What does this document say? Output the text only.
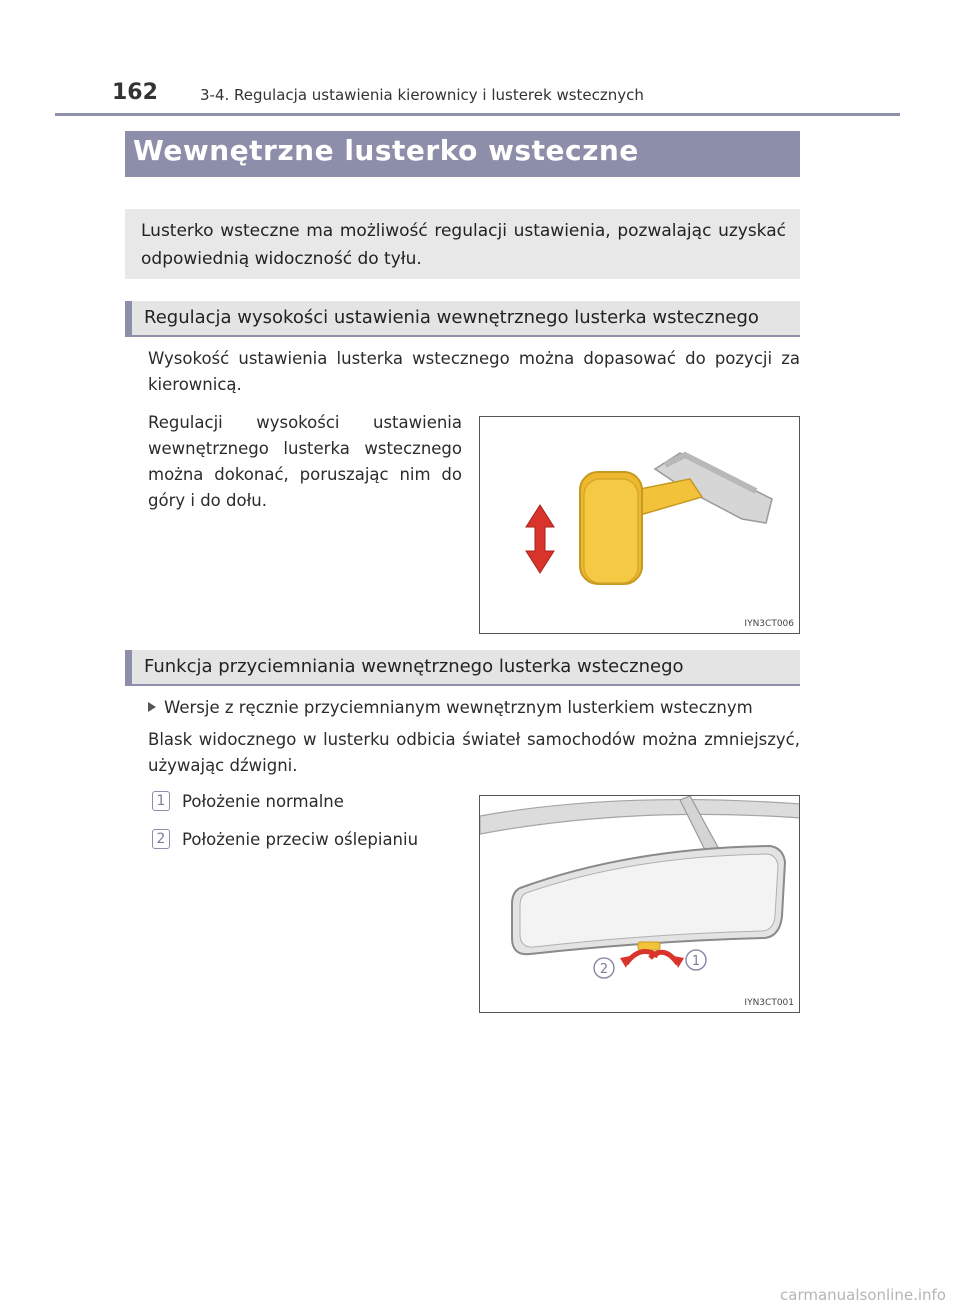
162	3-4. Regulacja ustawienia kierownicy i lusterek wstecznych
Wewnętrzne lusterko wsteczne
Lusterko wsteczne ma możliwość regulacji ustawienia, pozwalając uzyskać odpowiednią widoczność do tyłu.
Regulacja wysokości ustawienia wewnętrznego lusterka wstecznego
Wysokość ustawienia lusterka wstecznego można dopasować do pozycji za kierownicą.
Regulacji wysokości ustawienia wewnętrznego lusterka wstecznego można dokonać, poruszając nim do góry i do dołu.
IYN3CT006
Funkcja przyciemniania wewnętrznego lusterka wstecznego
Wersje z ręcznie przyciemnianym wewnętrznym lusterkiem wstecznym
Blask widocznego w lusterku odbicia świateł samochodów można zmniejszyć, używając dźwigni.
1 Położenie normalne
2 Położenie przeciw oślepianiu
2
1
IYN3CT001
carmanualsonline.info
